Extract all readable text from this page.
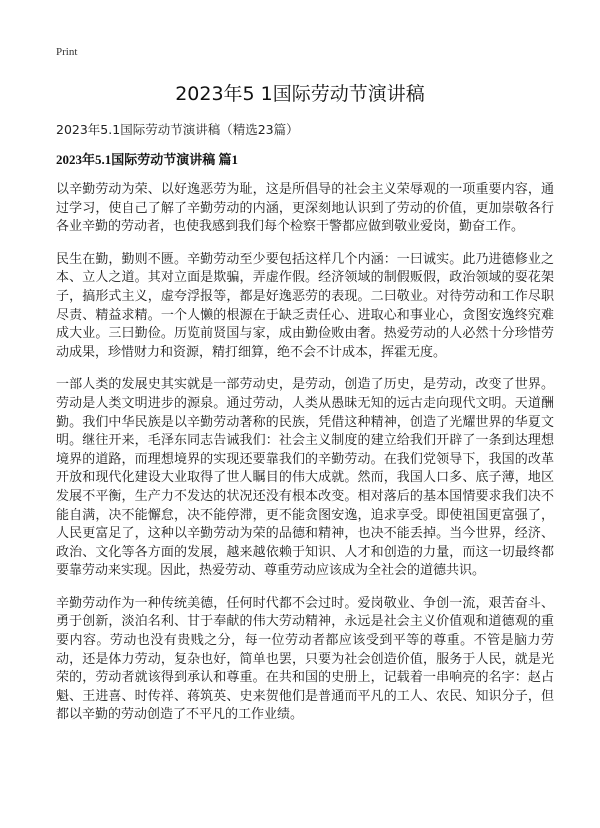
Print
2023年5 1国际劳动节演讲稿
2023年5.1国际劳动节演讲稿（精选23篇）
2023年5.1国际劳动节演讲稿 篇1

以辛勤劳动为荣、以好逸恶劳为耻，这是所倡导的社会主义荣辱观的一项重要内容，通过学习，使自己了解了辛勤劳动的内涵，更深刻地认识到了劳动的价值，更加崇敬各行各业辛勤的劳动者，也使我感到我们每个检察干警都应做到敬业爱岗，勤奋工作。

民生在勤，勤则不匮。辛勤劳动至少要包括这样几个内涵：一曰诚实。此乃进德修业之本、立人之道。其对立面是欺骗，弄虚作假。经济领域的制假贩假，政治领域的耍花架子，搞形式主义，虚夸浮报等，都是好逸恶劳的表现。二曰敬业。对待劳动和工作尽职尽责、精益求精。一个人懒的根源在于缺乏责任心、进取心和事业心，贪图安逸终究难成大业。三曰勤俭。历览前贤国与家，成由勤俭败由奢。热爱劳动的人必然十分珍惜劳动成果，珍惜财力和资源，精打细算，绝不会不计成本，挥霍无度。

一部人类的发展史其实就是一部劳动史，是劳动，创造了历史，是劳动，改变了世界。劳动是人类文明进步的源泉。通过劳动，人类从愚昧无知的远古走向现代文明。天道酬勤。我们中华民族是以辛勤劳动著称的民族，凭借这种精神，创造了光耀世界的华夏文明。继往开来，毛泽东同志告诫我们：社会主义制度的建立给我们开辟了一条到达理想境界的道路，而理想境界的实现还要靠我们的辛勤劳动。在我们党领导下，我国的改革开放和现代化建设大业取得了世人瞩目的伟大成就。然而，我国人口多、底子薄，地区发展不平衡，生产力不发达的状况还没有根本改变。相对落后的基本国情要求我们决不能自满，决不能懈怠，决不能停滞，更不能贪图安逸，追求享受。即使祖国更富强了，人民更富足了，这种以辛勤劳动为荣的品德和精神，也决不能丢掉。当今世界，经济、政治、文化等各方面的发展，越来越依赖于知识、人才和创造的力量，而这一切最终都要靠劳动来实现。因此，热爱劳动、尊重劳动应该成为全社会的道德共识。

辛勤劳动作为一种传统美德，任何时代都不会过时。爱岗敬业、争创一流，艰苦奋斗、勇于创新，淡泊名利、甘于奉献的伟大劳动精神，永远是社会主义价值观和道德观的重要内容。劳动也没有贵贱之分，每一位劳动者都应该受到平等的尊重。不管是脑力劳动，还是体力劳动，复杂也好，简单也罢，只要为社会创造价值，服务于人民，就是光荣的，劳动者就该得到承认和尊重。在共和国的史册上，记载着一串响亮的名字：赵占魁、王进喜、时传祥、蒋筑英、史来贺他们是普通而平凡的工人、农民、知识分子，但都以辛勤的劳动创造了不平凡的工作业绩。
